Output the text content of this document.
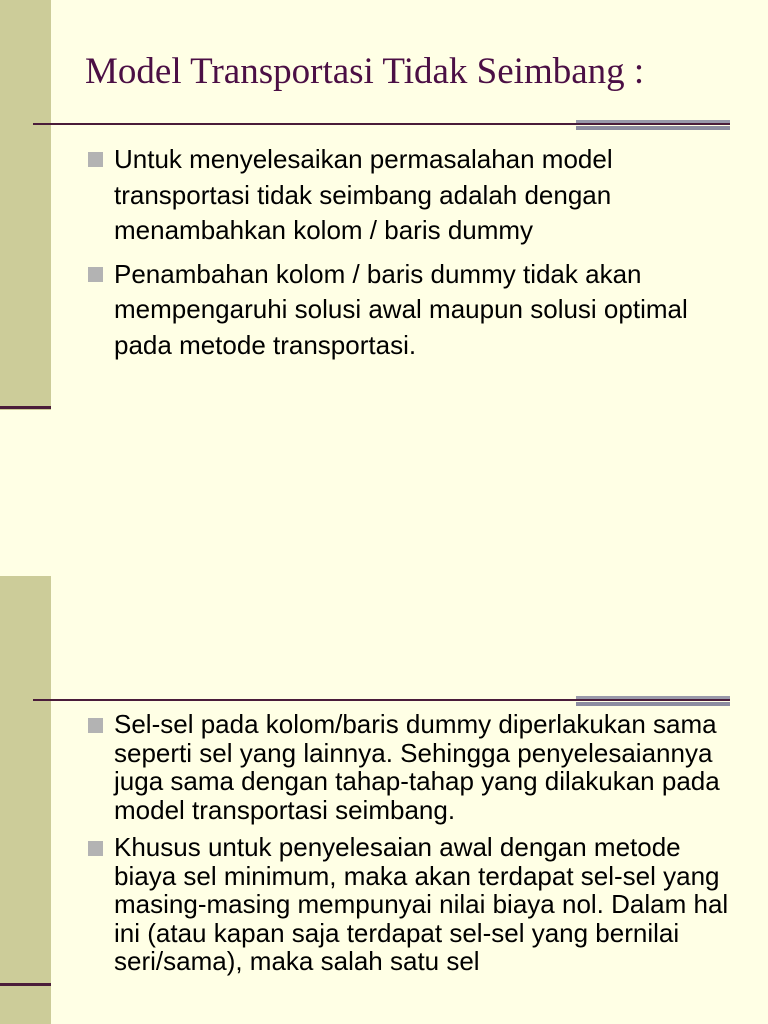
Model Transportasi Tidak Seimbang :
Untuk menyelesaikan permasalahan model transportasi tidak seimbang adalah dengan menambahkan kolom / baris dummy
Penambahan kolom / baris dummy tidak akan mempengaruhi solusi awal maupun solusi optimal pada metode transportasi.
Sel-sel pada kolom/baris dummy diperlakukan sama seperti sel yang lainnya. Sehingga penyelesaiannya juga sama dengan tahap-tahap yang dilakukan pada model transportasi seimbang.
Khusus untuk penyelesaian awal dengan metode biaya sel minimum, maka akan terdapat sel-sel yang masing-masing mempunyai nilai biaya nol. Dalam hal ini (atau kapan saja terdapat sel-sel yang bernilai seri/sama), maka salah satu sel
